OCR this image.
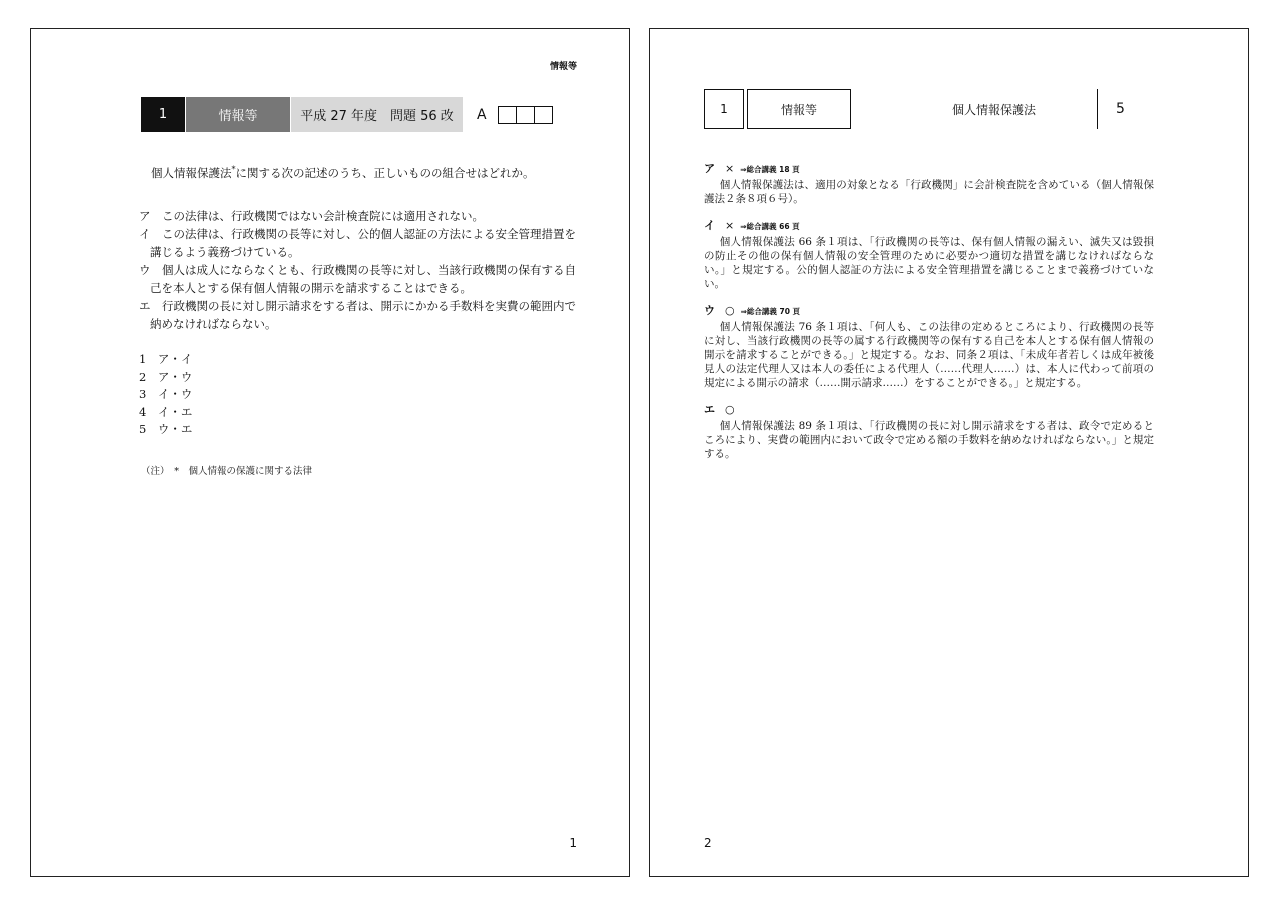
情報等
1	情報等	平成 27 年度　問題 56 改	A
個人情報保護法*に関する次の記述のうち、正しいものの組合せはどれか。
ア　この法律は、行政機関ではない会計検査院には適用されない。
イ　この法律は、行政機関の長等に対し、公的個人認証の方法による安全管理措置を講じるよう義務づけている。
ウ　個人は成人にならなくとも、行政機関の長等に対し、当該行政機関の保有する自己を本人とする保有個人情報の開示を請求することはできる。
エ　行政機関の長に対し開示請求をする者は、開示にかかる手数料を実費の範囲内で納めなければならない。
1　ア・イ
2　ア・ウ
3　イ・ウ
4　イ・エ
5　ウ・エ
（注）　*　個人情報の保護に関する法律
1
1	情報等	個人情報保護法	5
ア × ⇒総合講義 18 頁
個人情報保護法は、適用の対象となる「行政機関」に会計検査院を含めている（個人情報保護法２条８項６号）。
イ × ⇒総合講義 66 頁
個人情報保護法 66 条１項は、「行政機関の長等は、保有個人情報の漏えい、滅失又は毀損の防止その他の保有個人情報の安全管理のために必要かつ適切な措置を講じなければならない。」と規定する。公的個人認証の方法による安全管理措置を講じることまで義務づけていない。
ウ ○ ⇒総合講義 70 頁
個人情報保護法 76 条１項は、「何人も、この法律の定めるところにより、行政機関の長等に対し、当該行政機関の長等の属する行政機関等の保有する自己を本人とする保有個人情報の開示を請求することができる。」と規定する。なお、同条２項は、「未成年者若しくは成年被後見人の法定代理人又は本人の委任による代理人（……代理人……）は、本人に代わって前項の規定による開示の請求（……開示請求……）をすることができる。」と規定する。
エ ○
個人情報保護法 89 条１項は、「行政機関の長に対し開示請求をする者は、政令で定めるところにより、実費の範囲内において政令で定める額の手数料を納めなければならない。」と規定する。
2
